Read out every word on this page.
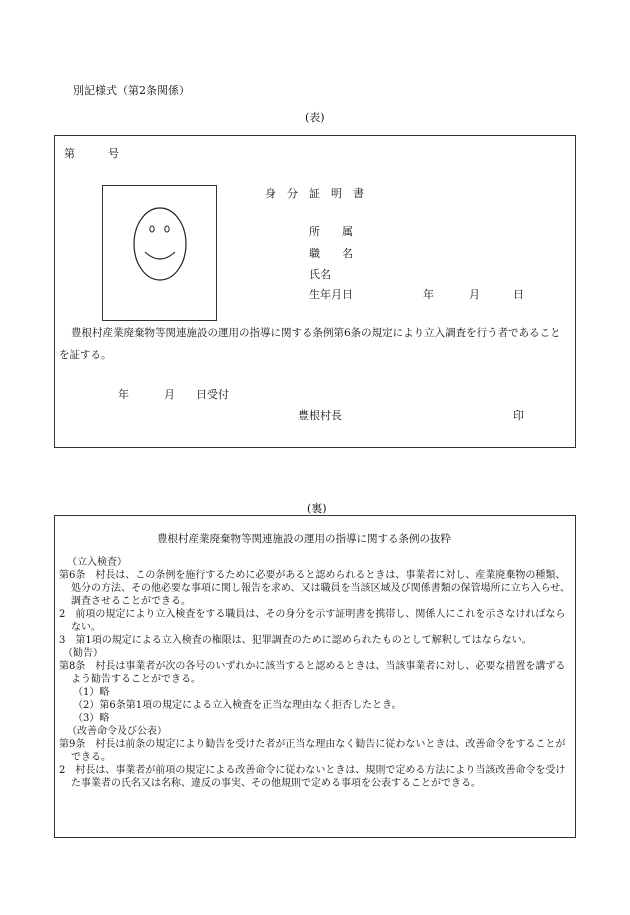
別記様式（第2条関係）
(表)
第	号
身　分　証　明　書
所　　属
職　　名
氏名
生年月日	年	月	日
豊根村産業廃棄物等関連施設の運用の指導に関する条例第6条の規定により立入調査を行う者であることを証する。
年	月 日受付
豊根村長	印
(裏)
豊根村産業廃棄物等関連施設の運用の指導に関する条例の抜粋
（立入検査）
第6条　村長は、この条例を施行するために必要があると認められるときは、事業者に対し、産業廃棄物の種類、処分の方法、その他必要な事項に関し報告を求め、又は職員を当該区域及び関係書類の保管場所に立ち入らせ、調査させることができる。
2　前項の規定により立入検査をする職員は、その身分を示す証明書を携帯し、関係人にこれを示さなければならない。
3　第1項の規定による立入検査の権限は、犯罪調査のために認められたものとして解釈してはならない。
（勧告）
第8条　村長は事業者が次の各号のいずれかに該当すると認めるときは、当該事業者に対し、必要な措置を講ずるよう勧告することができる。
（1）略
（2）第6条第1項の規定による立入検査を正当な理由なく拒否したとき。
（3）略
（改善命令及び公表）
第9条　村長は前条の規定により勧告を受けた者が正当な理由なく勧告に従わないときは、改善命令をすることができる。
2　村長は、事業者が前項の規定による改善命令に従わないときは、規則で定める方法により当該改善命令を受けた事業者の氏名又は名称、違反の事実、その他規則で定める事項を公表することができる。
